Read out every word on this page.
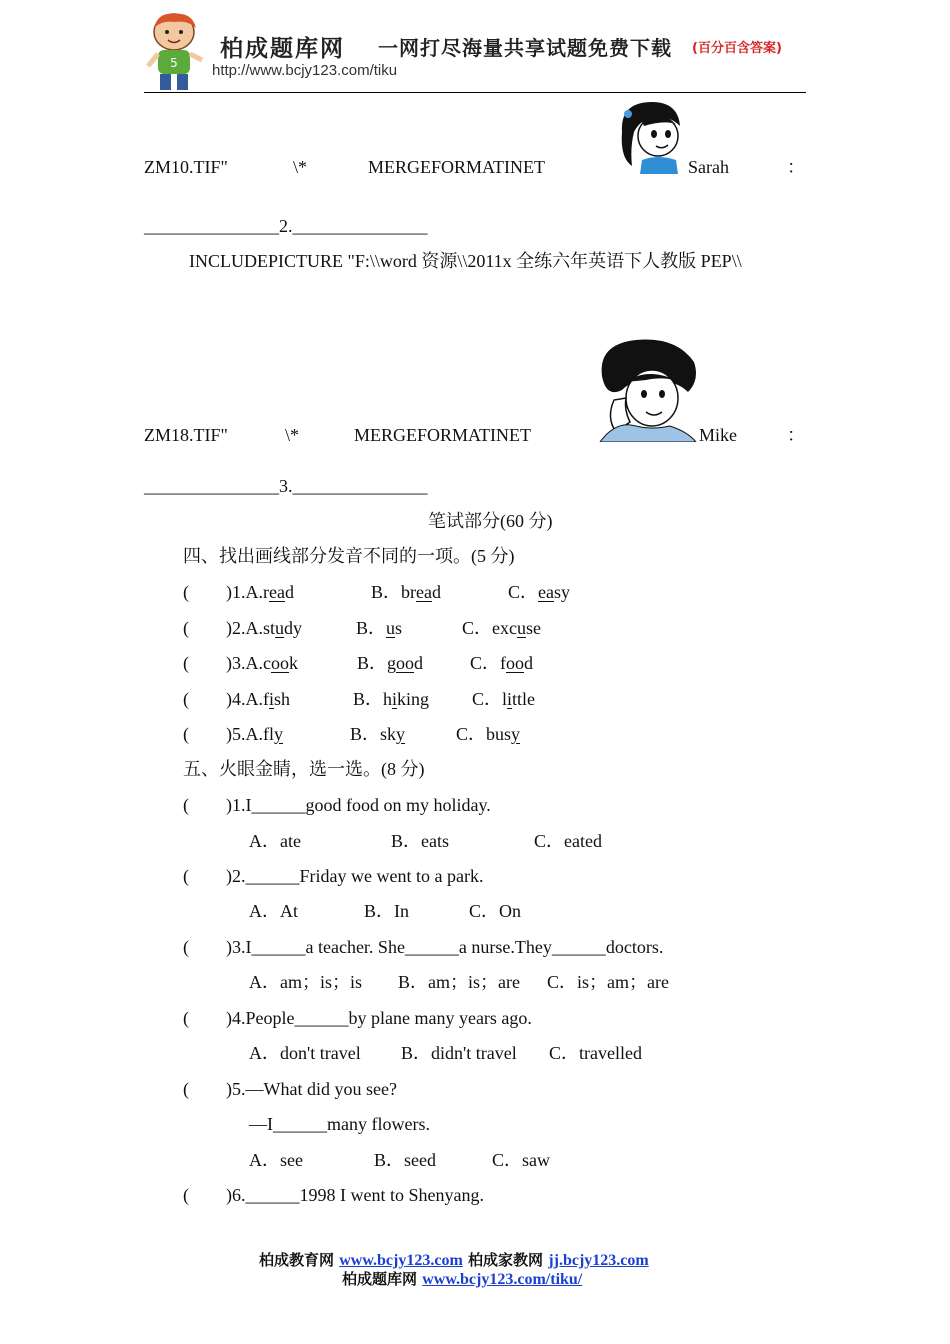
5
柏成题库网 一网打尽海量共享试题免费下载 (百分百含答案)
http://www.bcjy123.com/tiku
ZM10.TIF"	\*	MERGEFORMATINET	Sarah	：
_______________2._______________
INCLUDEPICTURE "F:\\word 资源\\2011x 全练六年英语下人教版 PEP\\
ZM18.TIF"	\*	MERGEFORMATINET	Mike	：
_______________3._______________
笔试部分(60 分)
四、找出画线部分发音不同的一项。(5 分)
( )1.A.read	B．bread	C．easy
( )2.A.study	B．us	C．excuse
( )3.A.cook	B．good	C．food
( )4.A.fish	B．hiking C．little
( )5.A.fly	B．sky	C．busy
五、火眼金睛，选一选。(8 分)
( )1.I______good food on my holiday.
A．ate	B．eats	C．eated
( )2.______Friday we went to a park.
A．At	B．In	C．On
( )3.I______a teacher. She______a nurse.They______doctors.
A．am；is；is B．am；is；are C．is；am；are
( )4.People______by plane many years ago.
A．don't travel B．didn't travel C．travelled
( )5.—What did you see?
—I______many flowers.
A．see	B．seed	C．saw
( )6.______1998 I went to Shenyang.
柏成教育网 www.bcjy123.com 柏成家教网 jj.bcjy123.com
柏成题库网 www.bcjy123.com/tiku/
